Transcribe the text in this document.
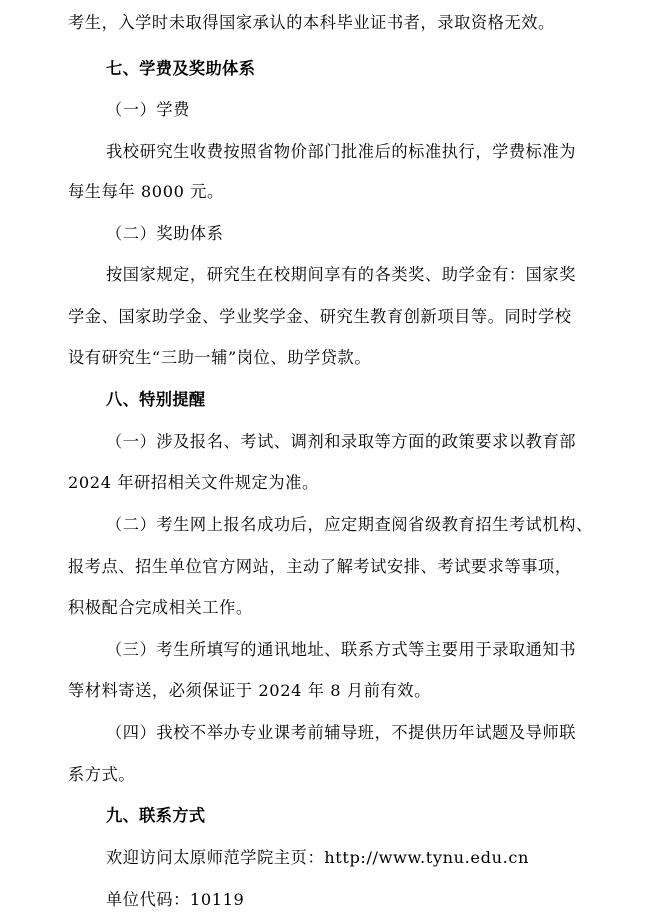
考生，入学时未取得国家承认的本科毕业证书者，录取资格无效。
七、学费及奖助体系
（一）学费
我校研究生收费按照省物价部门批准后的标准执行，学费标准为
每生每年 8000 元。
（二）奖助体系
按国家规定，研究生在校期间享有的各类奖、助学金有：国家奖
学金、国家助学金、学业奖学金、研究生教育创新项目等。同时学校
设有研究生“三助一辅”岗位、助学贷款。
八、特别提醒
（一）涉及报名、考试、调剂和录取等方面的政策要求以教育部
2024 年研招相关文件规定为准。
（二）考生网上报名成功后，应定期查阅省级教育招生考试机构、
报考点、招生单位官方网站，主动了解考试安排、考试要求等事项，
积极配合完成相关工作。
（三）考生所填写的通讯地址、联系方式等主要用于录取通知书
等材料寄送，必须保证于 2024 年 8 月前有效。
（四）我校不举办专业课考前辅导班，不提供历年试题及导师联
系方式。
九、联系方式
欢迎访问太原师范学院主页：http://www.tynu.edu.cn
单位代码：10119
